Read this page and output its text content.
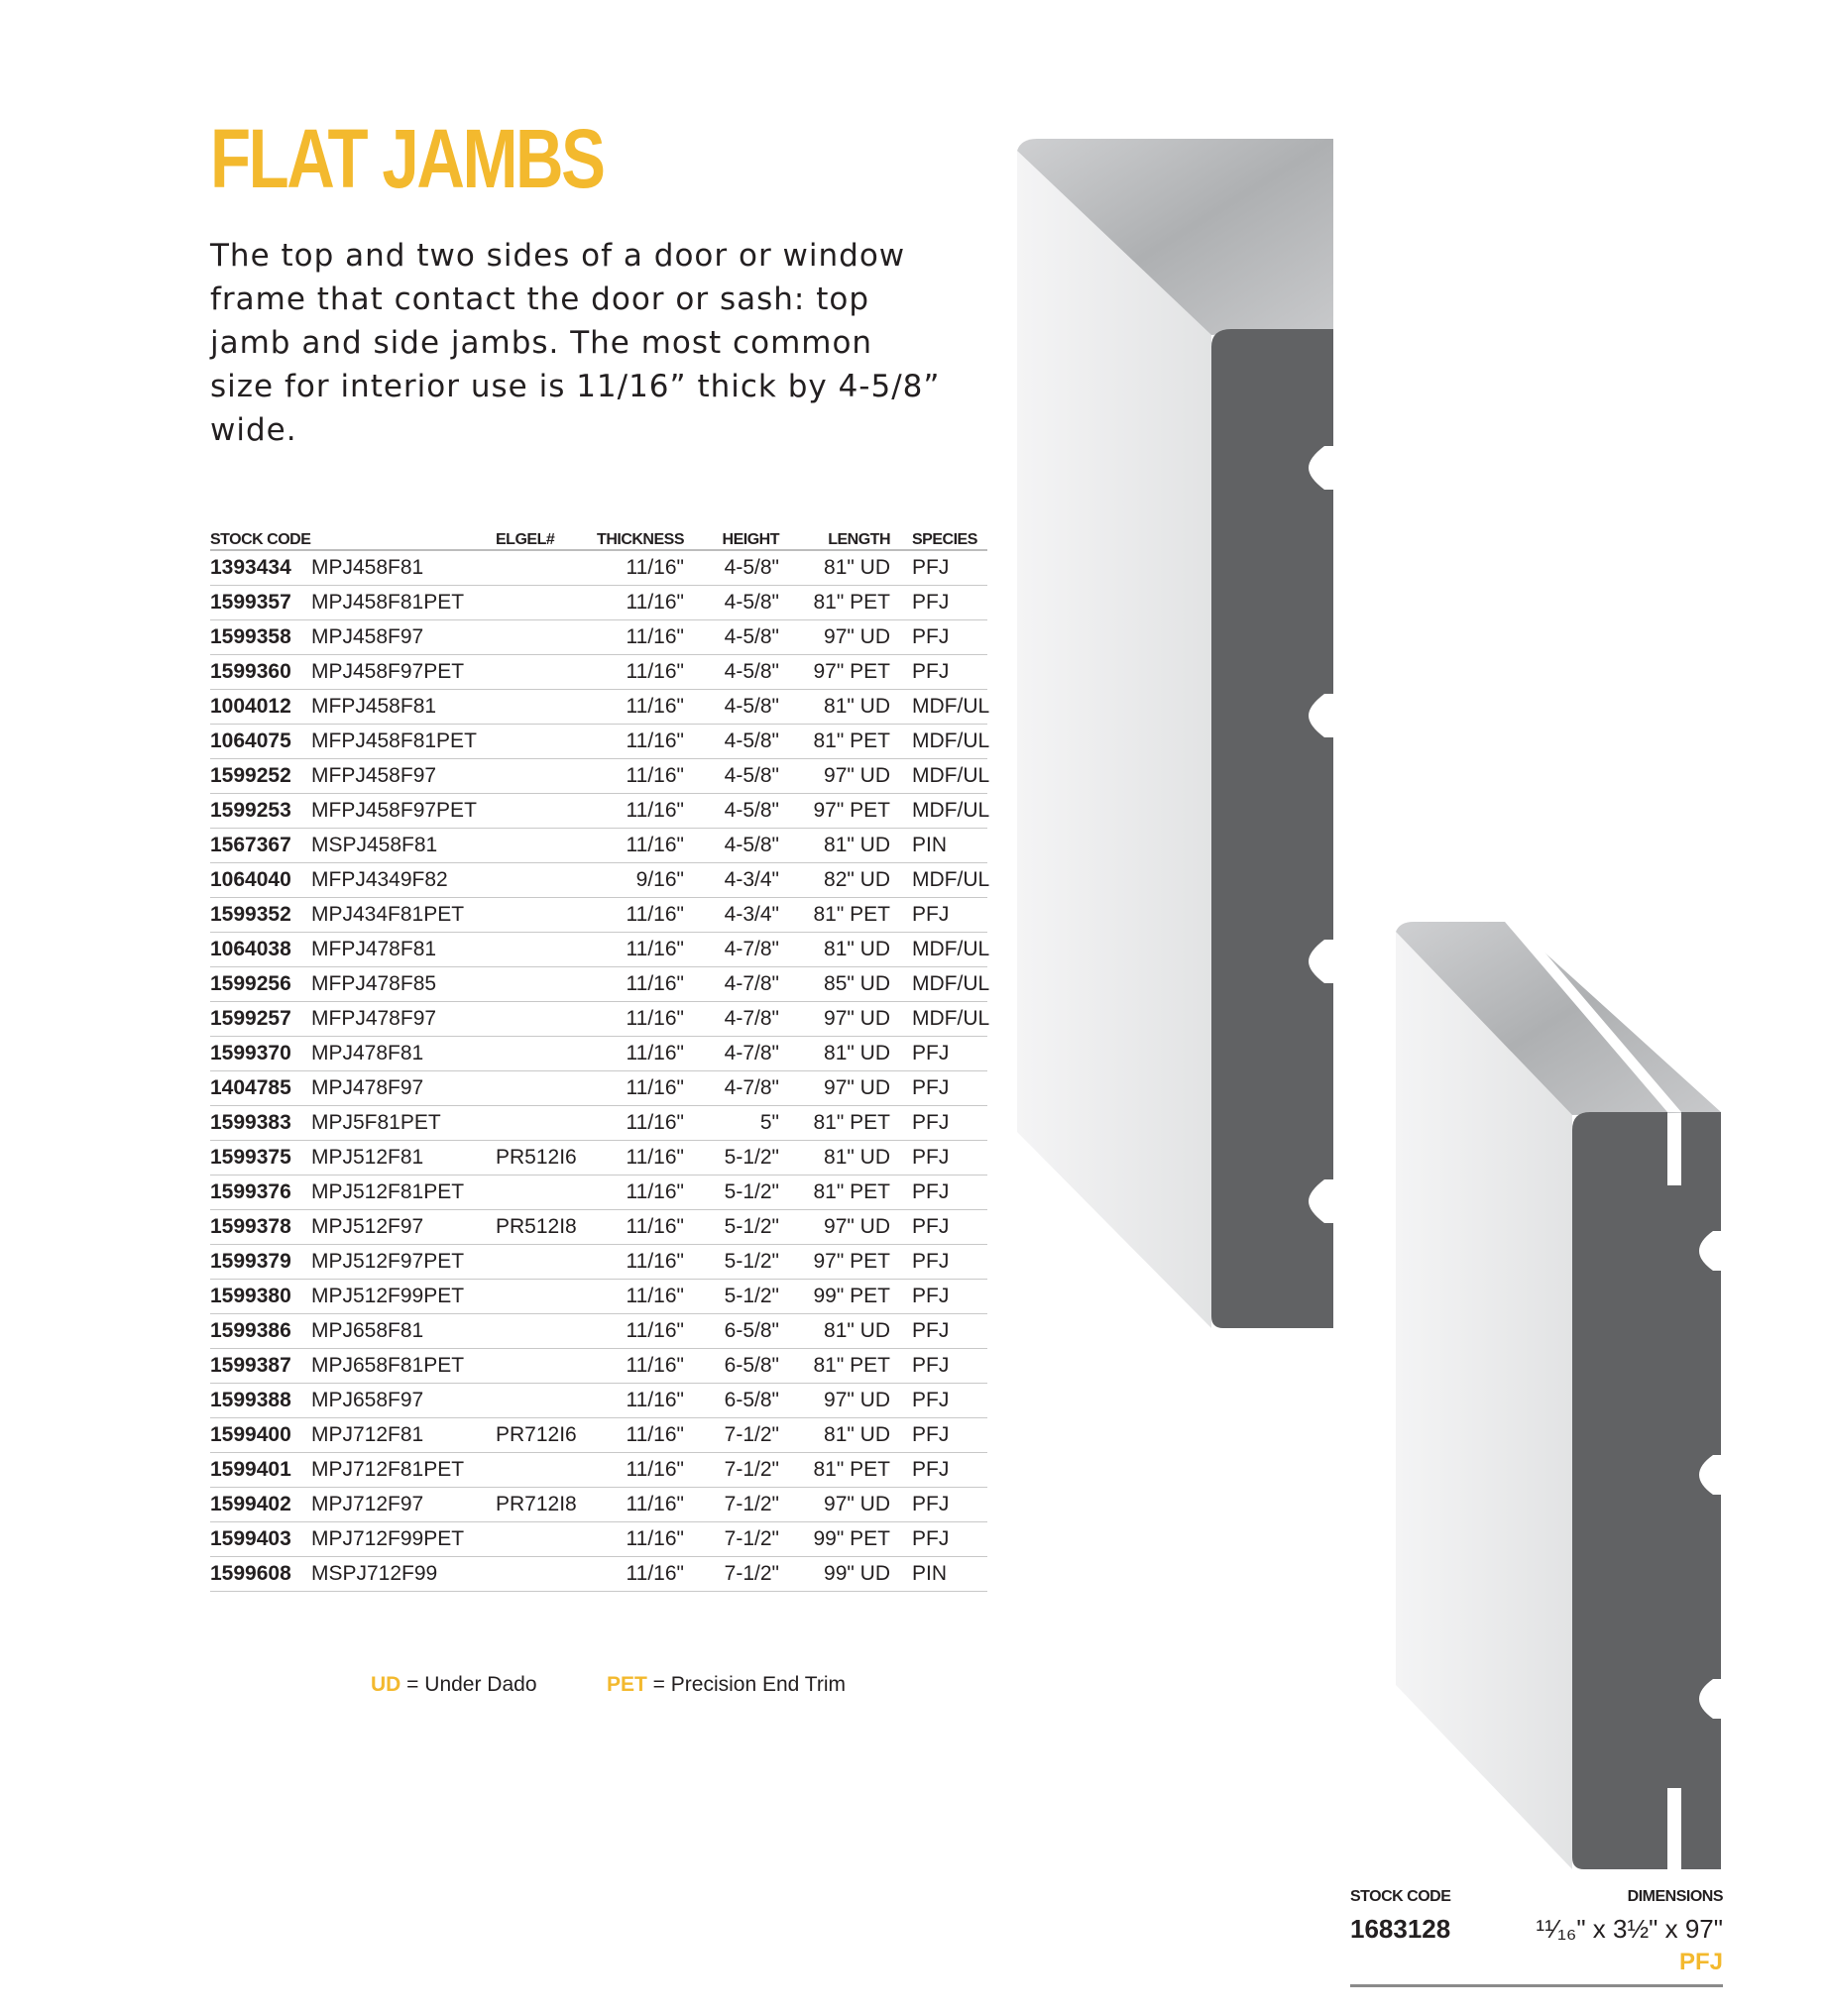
FLAT JAMBS

The top and two sides of a door or window frame that contact the door or sash: top jamb and side jambs. The most common size for interior use is 11/16” thick by 4-5/8” wide.

STOCK CODE		ELGEL#	THICKNESS	HEIGHT	LENGTH	SPECIES
1393434	MPJ458F81		11/16"	4-5/8"	81" UD	PFJ
1599357	MPJ458F81PET		11/16"	4-5/8"	81" PET	PFJ
1599358	MPJ458F97		11/16"	4-5/8"	97" UD	PFJ
1599360	MPJ458F97PET		11/16"	4-5/8"	97" PET	PFJ
1004012	MFPJ458F81		11/16"	4-5/8"	81" UD	MDF/UL
1064075	MFPJ458F81PET		11/16"	4-5/8"	81" PET	MDF/UL
1599252	MFPJ458F97		11/16"	4-5/8"	97" UD	MDF/UL
1599253	MFPJ458F97PET		11/16"	4-5/8"	97" PET	MDF/UL
1567367	MSPJ458F81		11/16"	4-5/8"	81" UD	PIN
1064040	MFPJ4349F82		9/16"	4-3/4"	82" UD	MDF/UL
1599352	MPJ434F81PET		11/16"	4-3/4"	81" PET	PFJ
1064038	MFPJ478F81		11/16"	4-7/8"	81" UD	MDF/UL
1599256	MFPJ478F85		11/16"	4-7/8"	85" UD	MDF/UL
1599257	MFPJ478F97		11/16"	4-7/8"	97" UD	MDF/UL
1599370	MPJ478F81		11/16"	4-7/8"	81" UD	PFJ
1404785	MPJ478F97		11/16"	4-7/8"	97" UD	PFJ
1599383	MPJ5F81PET		11/16"	5"	81" PET	PFJ
1599375	MPJ512F81	PR512I6	11/16"	5-1/2"	81" UD	PFJ
1599376	MPJ512F81PET		11/16"	5-1/2"	81" PET	PFJ
1599378	MPJ512F97	PR512I8	11/16"	5-1/2"	97" UD	PFJ
1599379	MPJ512F97PET		11/16"	5-1/2"	97" PET	PFJ
1599380	MPJ512F99PET		11/16"	5-1/2"	99" PET	PFJ
1599386	MPJ658F81		11/16"	6-5/8"	81" UD	PFJ
1599387	MPJ658F81PET		11/16"	6-5/8"	81" PET	PFJ
1599388	MPJ658F97		11/16"	6-5/8"	97" UD	PFJ
1599400	MPJ712F81	PR712I6	11/16"	7-1/2"	81" UD	PFJ
1599401	MPJ712F81PET		11/16"	7-1/2"	81" PET	PFJ
1599402	MPJ712F97	PR712I8	11/16"	7-1/2"	97" UD	PFJ
1599403	MPJ712F99PET		11/16"	7-1/2"	99" PET	PFJ
1599608	MSPJ712F99		11/16"	7-1/2"	99" UD	PIN
UD = Under Dado	PET = Precision End Trim
STOCK CODE	DIMENSIONS
1683128	¹¹⁄₁₆" x 3½" x 97"
PFJ
